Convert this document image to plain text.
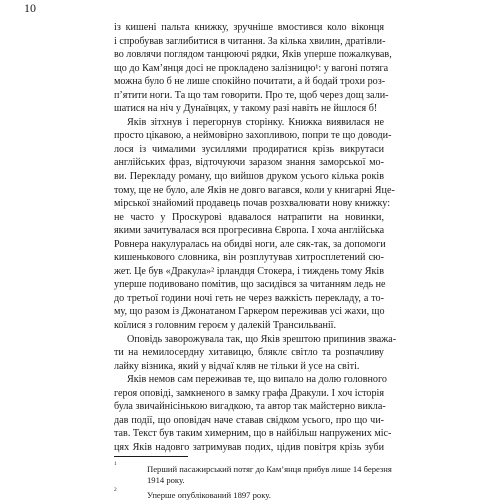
10
із кишені пальта книжку, зручніше вмостився коло віконця
і спробував заглибитися в читання. За кілька хвилин, дратівли-
во ловлячи поглядом танцюючі рядки, Яків уперше пожалкував,
що до Кам’янця досі не прокладено залізницю¹: у вагоні потяга
можна було б не лише спокійно почитати, а й бодай трохи роз-
п’ятити ноги. Та що там говорити. Про те, щоб через дощ зали-
шатися на ніч у Дунаївцях, у такому разі навіть не йшлося б!
Яків зітхнув і перегорнув сторінку. Книжка виявилася не
просто цікавою, а неймовірно захопливою, попри те що доводи-
лося із чималими зусиллями продиратися крізь викрутаси
англійських фраз, відточуючи заразом знання заморської мо-
ви. Перекладу роману, що вийшов друком усього кілька років
тому, ще не було, але Яків не довго вагався, коли у книгарні Яце-
мірської знайомий продавець почав розхвалювати нову книжку:
не часто у Проскурові вдавалося натрапити на новинки,
якими зачитувалася вся прогресивна Європа. І хоча англійська
Ровнера накулуралась на обидві ноги, але сяк-так, за допомоги
кишенькового словника, він розплутував хитросплетений сю-
жет. Це був «Дракула»² ірландця Стокера, і тиждень тому Яків
уперше подивовано помітив, що засидівся за читанням ледь не
до третьої години ночі геть не через важкість перекладу, а то-
му, що разом із Джонатаном Гаркером переживав усі жахи, що
коїлися з головним героєм у далекій Трансильванії.
Оповідь заворожувала так, що Яків зрештою припинив зважа-
ти на немилосердну хитавицю, бляклє світло та розпачливу
лайку візника, який у відчаї кляв не тільки й усе на світі.
Яків немов сам переживав те, що випало на долю головного
героя оповіді, замкненого в замку графа Дракули. І хоч історія
була звичайнісінькою вигадкою, та автор так майстерно викла-
дав події, що оповідач наче ставав свідком усього, про що чи-
тав. Текст був таким химерним, що в найбільш напружених міс-
цях Яків надовго затримував подих, цідив повітря крізь зуби
1	Перший пасажирський потяг до Кам’янця прибув лише 14 березня
1914 року.
2	Уперше опублікований 1897 року.
